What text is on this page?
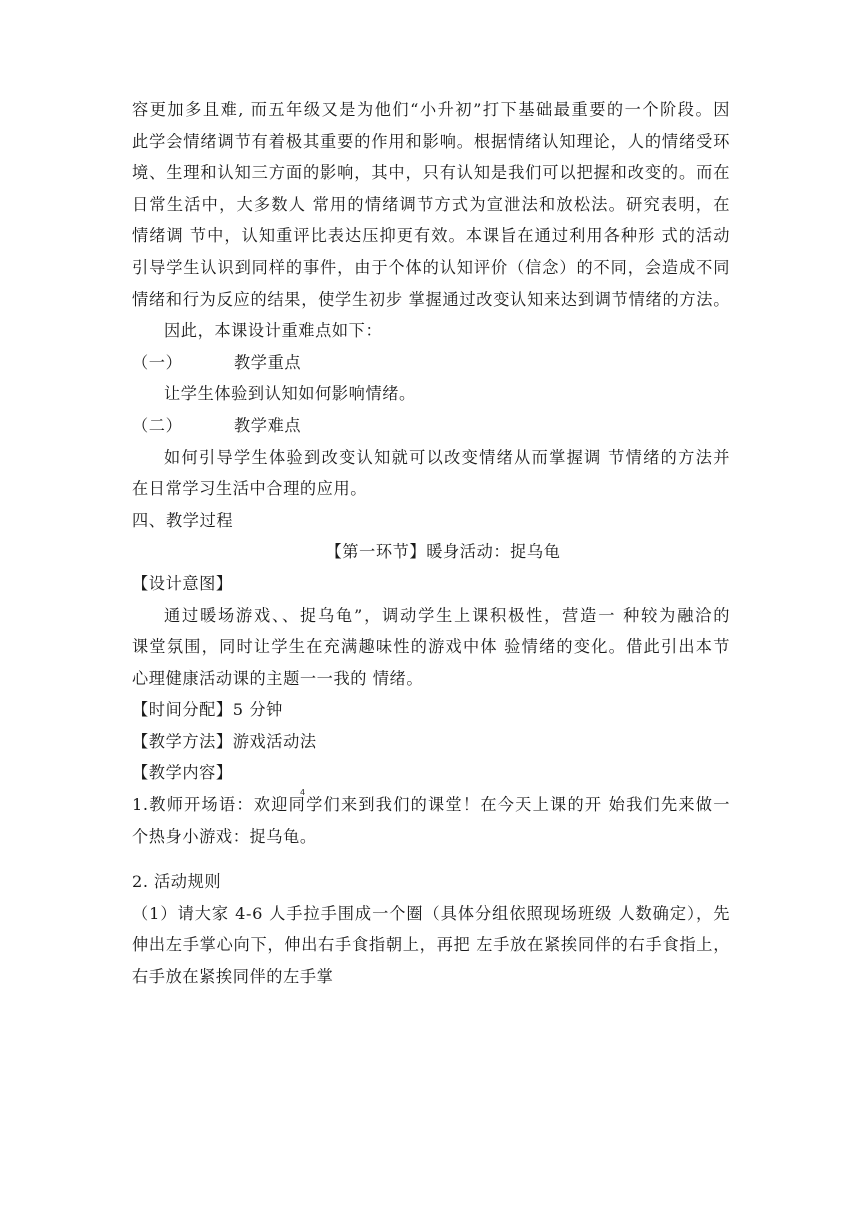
容更加多且难, 而五年级又是为他们“小升初”打下基础最重要的一个阶段。因

此学会情绪调节有着极其重要的作用和影响。根据情绪认知理论，人的情绪受环

境、生理和认知三方面的影响，其中，只有认知是我们可以把握和改变的。而在

日常生活中，大多数人 常用的情绪调节方式为宣泄法和放松法。研究表明，在

情绪调 节中，认知重评比表达压抑更有效。本课旨在通过利用各种形 式的活动

引导学生认识到同样的事件，由于个体的认知评价（信念）的不同，会造成不同

情绪和行为反应的结果，使学生初步 掌握通过改变认知来达到调节情绪的方法。

因此，本课设计重难点如下：

（一）	教学重点

让学生体验到认知如何影响情绪。

（二）	教学难点

如何引导学生体验到改变认知就可以改变情绪从而掌握调 节情绪的方法并

在日常学习生活中合理的应用。

四、 教学过程

【第一环节】暖身活动：捉乌龟

【设计意图】

通过暖场游戏、、捉乌龟”，调动学生上课积极性，营造一 种较为融洽的

课堂氛围，同时让学生在充满趣味性的游戏中体 验情绪的变化。借此引出本节

心理健康活动课的主题一一我的 情绪。

【时间分配】5 分钟

【教学方法】游戏活动法

【教学内容】

1.教师开场语：欢迎同学们来到我们的课堂！在今天上课的开 始我们先来做一

个热身小游戏：捉乌龟。

2. 活动规则

（1）请大家 4-6 人手拉手围成一个圈（具体分组依照现场班级 人数确定），先

伸出左手掌心向下，伸出右手食指朝上，再把 左手放在紧挨同伴的右手食指上，

右手放在紧挨同伴的左手掌

4
